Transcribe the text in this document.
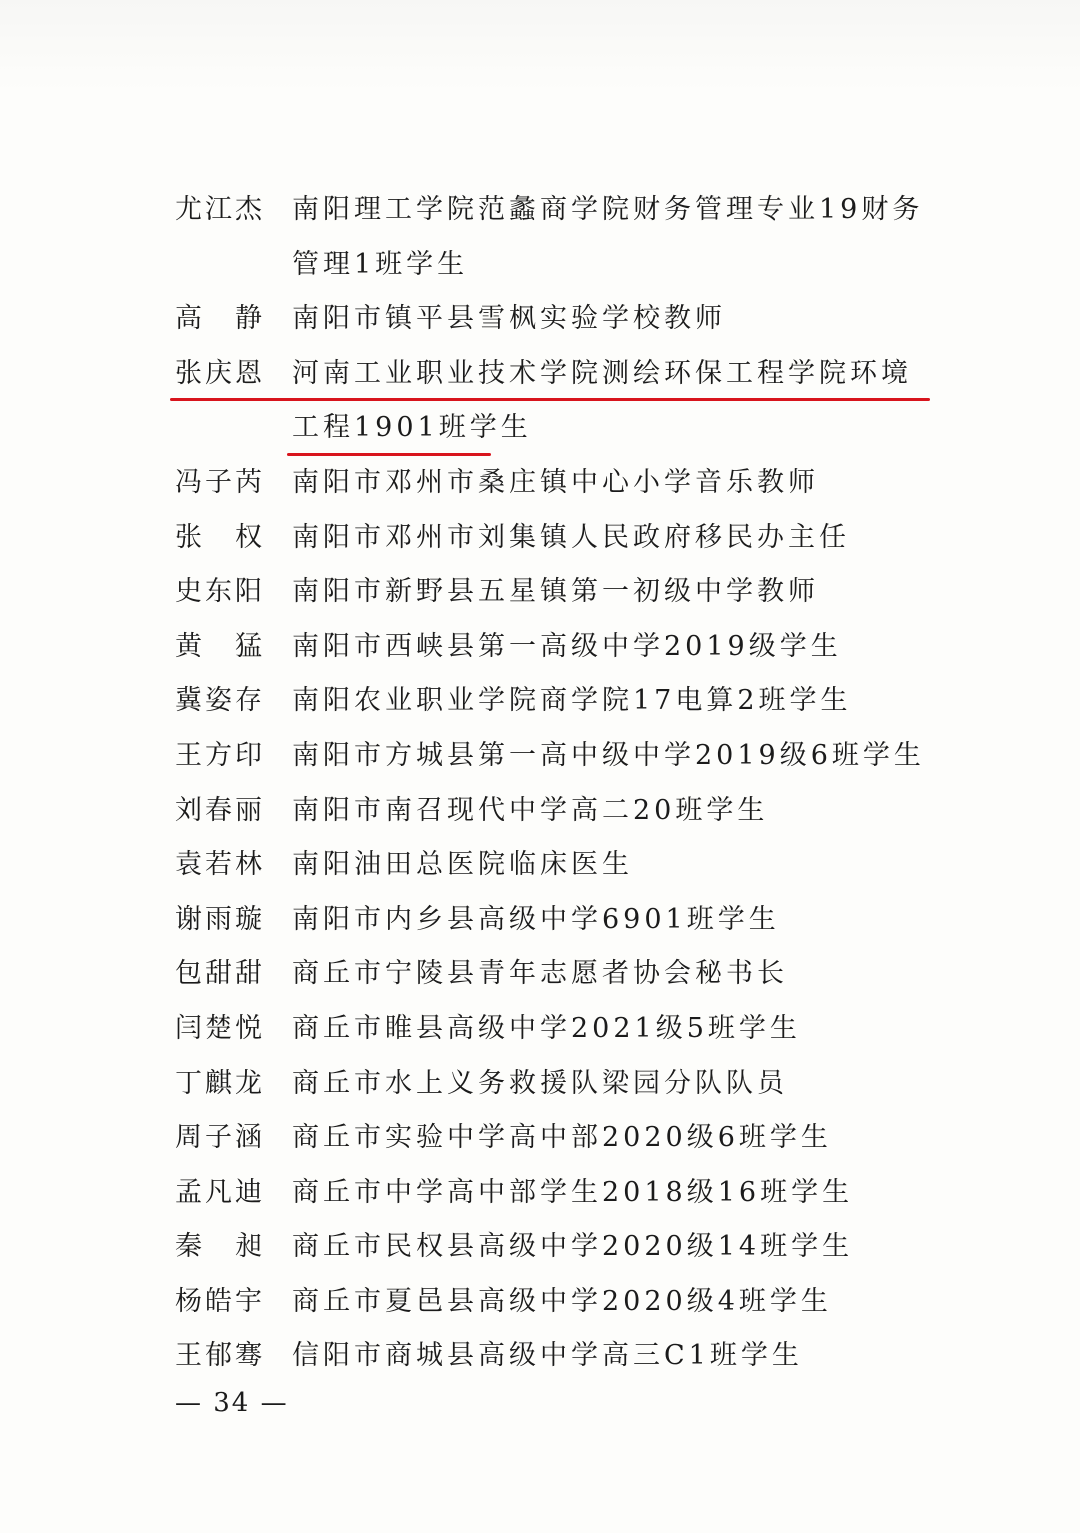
尤江杰	南阳理工学院范蠡商学院财务管理专业19财务管理1班学生
高　静	南阳市镇平县雪枫实验学校教师
张庆恩	河南工业职业技术学院测绘环保工程学院环境工程1901班学生
冯子芮	南阳市邓州市桑庄镇中心小学音乐教师
张　权	南阳市邓州市刘集镇人民政府移民办主任
史东阳	南阳市新野县五星镇第一初级中学教师
黄　猛	南阳市西峡县第一高级中学2019级学生
冀姿存	南阳农业职业学院商学院17电算2班学生
王方印	南阳市方城县第一高中级中学2019级6班学生
刘春丽	南阳市南召现代中学高二20班学生
袁若林	南阳油田总医院临床医生
谢雨璇	南阳市内乡县高级中学6901班学生
包甜甜	商丘市宁陵县青年志愿者协会秘书长
闫楚悦	商丘市睢县高级中学2021级5班学生
丁麒龙	商丘市水上义务救援队梁园分队队员
周子涵	商丘市实验中学高中部2020级6班学生
孟凡迪	商丘市中学高中部学生2018级16班学生
秦　昶	商丘市民权县高级中学2020级14班学生
杨皓宇	商丘市夏邑县高级中学2020级4班学生
王郁骞	信阳市商城县高级中学高三C1班学生
— 34 —
